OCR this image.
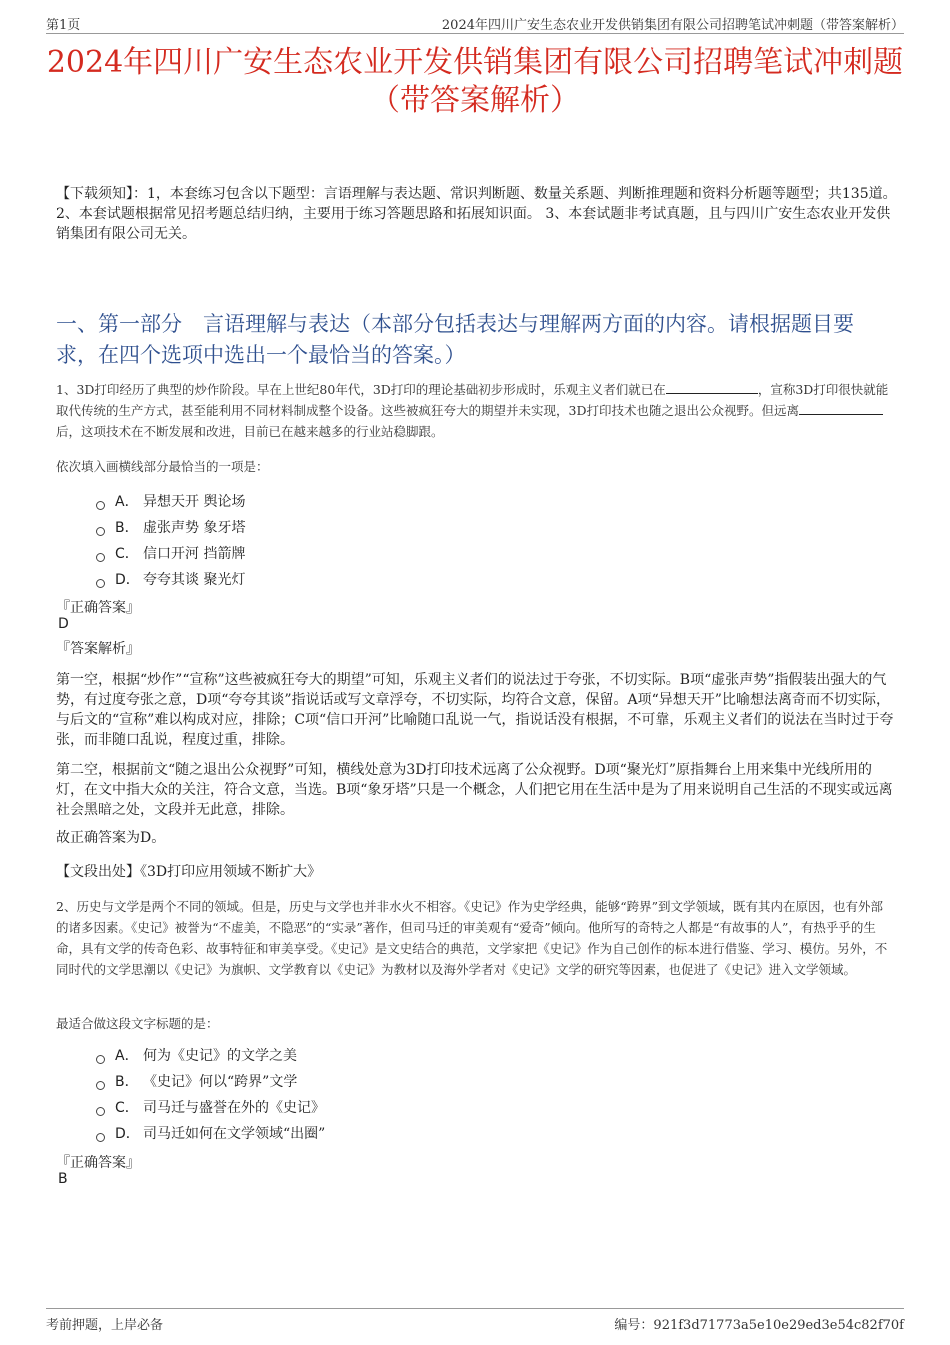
第1页	2024年四川广安生态农业开发供销集团有限公司招聘笔试冲刺题（带答案解析）
2024年四川广安生态农业开发供销集团有限公司招聘笔试冲刺题（带答案解析）
【下载须知】：1，本套练习包含以下题型：言语理解与表达题、常识判断题、数量关系题、判断推理题和资料分析题等题型；共135道。 2、本套试题根据常见招考题总结归纳，主要用于练习答题思路和拓展知识面。 3、本套试题非考试真题，且与四川广安生态农业开发供销集团有限公司无关。
一、第一部分　言语理解与表达（本部分包括表达与理解两方面的内容。请根据题目要求，在四个选项中选出一个最恰当的答案。）
1、3D打印经历了典型的炒作阶段。早在上世纪80年代，3D打印的理论基础初步形成时，乐观主义者们就已在	，宣称3D打印很快就能取代传统的生产方式，甚至能利用不同材料制成整个设备。这些被疯狂夸大的期望并未实现，3D打印技术也随之退出公众视野。但远离后，这项技术在不断发展和改进，目前已在越来越多的行业站稳脚跟。
依次填入画横线部分最恰当的一项是：
A． 异想天开 舆论场
B． 虚张声势 象牙塔
C． 信口开河 挡箭牌
D． 夸夸其谈 聚光灯
『正确答案』
D
『答案解析』
第一空，根据“炒作”“宣称”这些被疯狂夸大的期望”可知，乐观主义者们的说法过于夸张，不切实际。B项“虚张声势”指假装出强大的气势，有过度夸张之意，D项“夸夸其谈”指说话或写文章浮夸，不切实际，均符合文意，保留。A项“异想天开”比喻想法离奇而不切实际，与后文的“宣称”难以构成对应，排除；C项“信口开河”比喻随口乱说一气，指说话没有根据，不可靠，乐观主义者们的说法在当时过于夸张，而非随口乱说，程度过重，排除。
第二空，根据前文“随之退出公众视野”可知，横线处意为3D打印技术远离了公众视野。D项“聚光灯”原指舞台上用来集中光线所用的灯，在文中指大众的关注，符合文意，当选。B项“象牙塔”只是一个概念，人们把它用在生活中是为了用来说明自己生活的不现实或远离社会黑暗之处，文段并无此意，排除。
故正确答案为D。
【文段出处】《3D打印应用领域不断扩大》
2、历史与文学是两个不同的领域。但是，历史与文学也并非水火不相容。《史记》作为史学经典，能够“跨界”到文学领域，既有其内在原因，也有外部的诸多因素。《史记》被誉为“不虚美，不隐恶”的“实录”著作，但司马迁的审美观有“爱奇”倾向。他所写的奇特之人都是“有故事的人”，有热乎乎的生命，具有文学的传奇色彩、故事特征和审美享受。《史记》是文史结合的典范，文学家把《史记》作为自己创作的标本进行借鉴、学习、模仿。另外，不同时代的文学思潮以《史记》为旗帜、文学教育以《史记》为教材以及海外学者对《史记》文学的研究等因素，也促进了《史记》进入文学领域。
最适合做这段文字标题的是：
A． 何为《史记》的文学之美
B． 《史记》何以“跨界”文学
C． 司马迁与盛誉在外的《史记》
D． 司马迁如何在文学领域“出圈”
『正确答案』
B
考前押题，上岸必备	编号：921f3d71773a5e10e29ed3e54c82f70f
